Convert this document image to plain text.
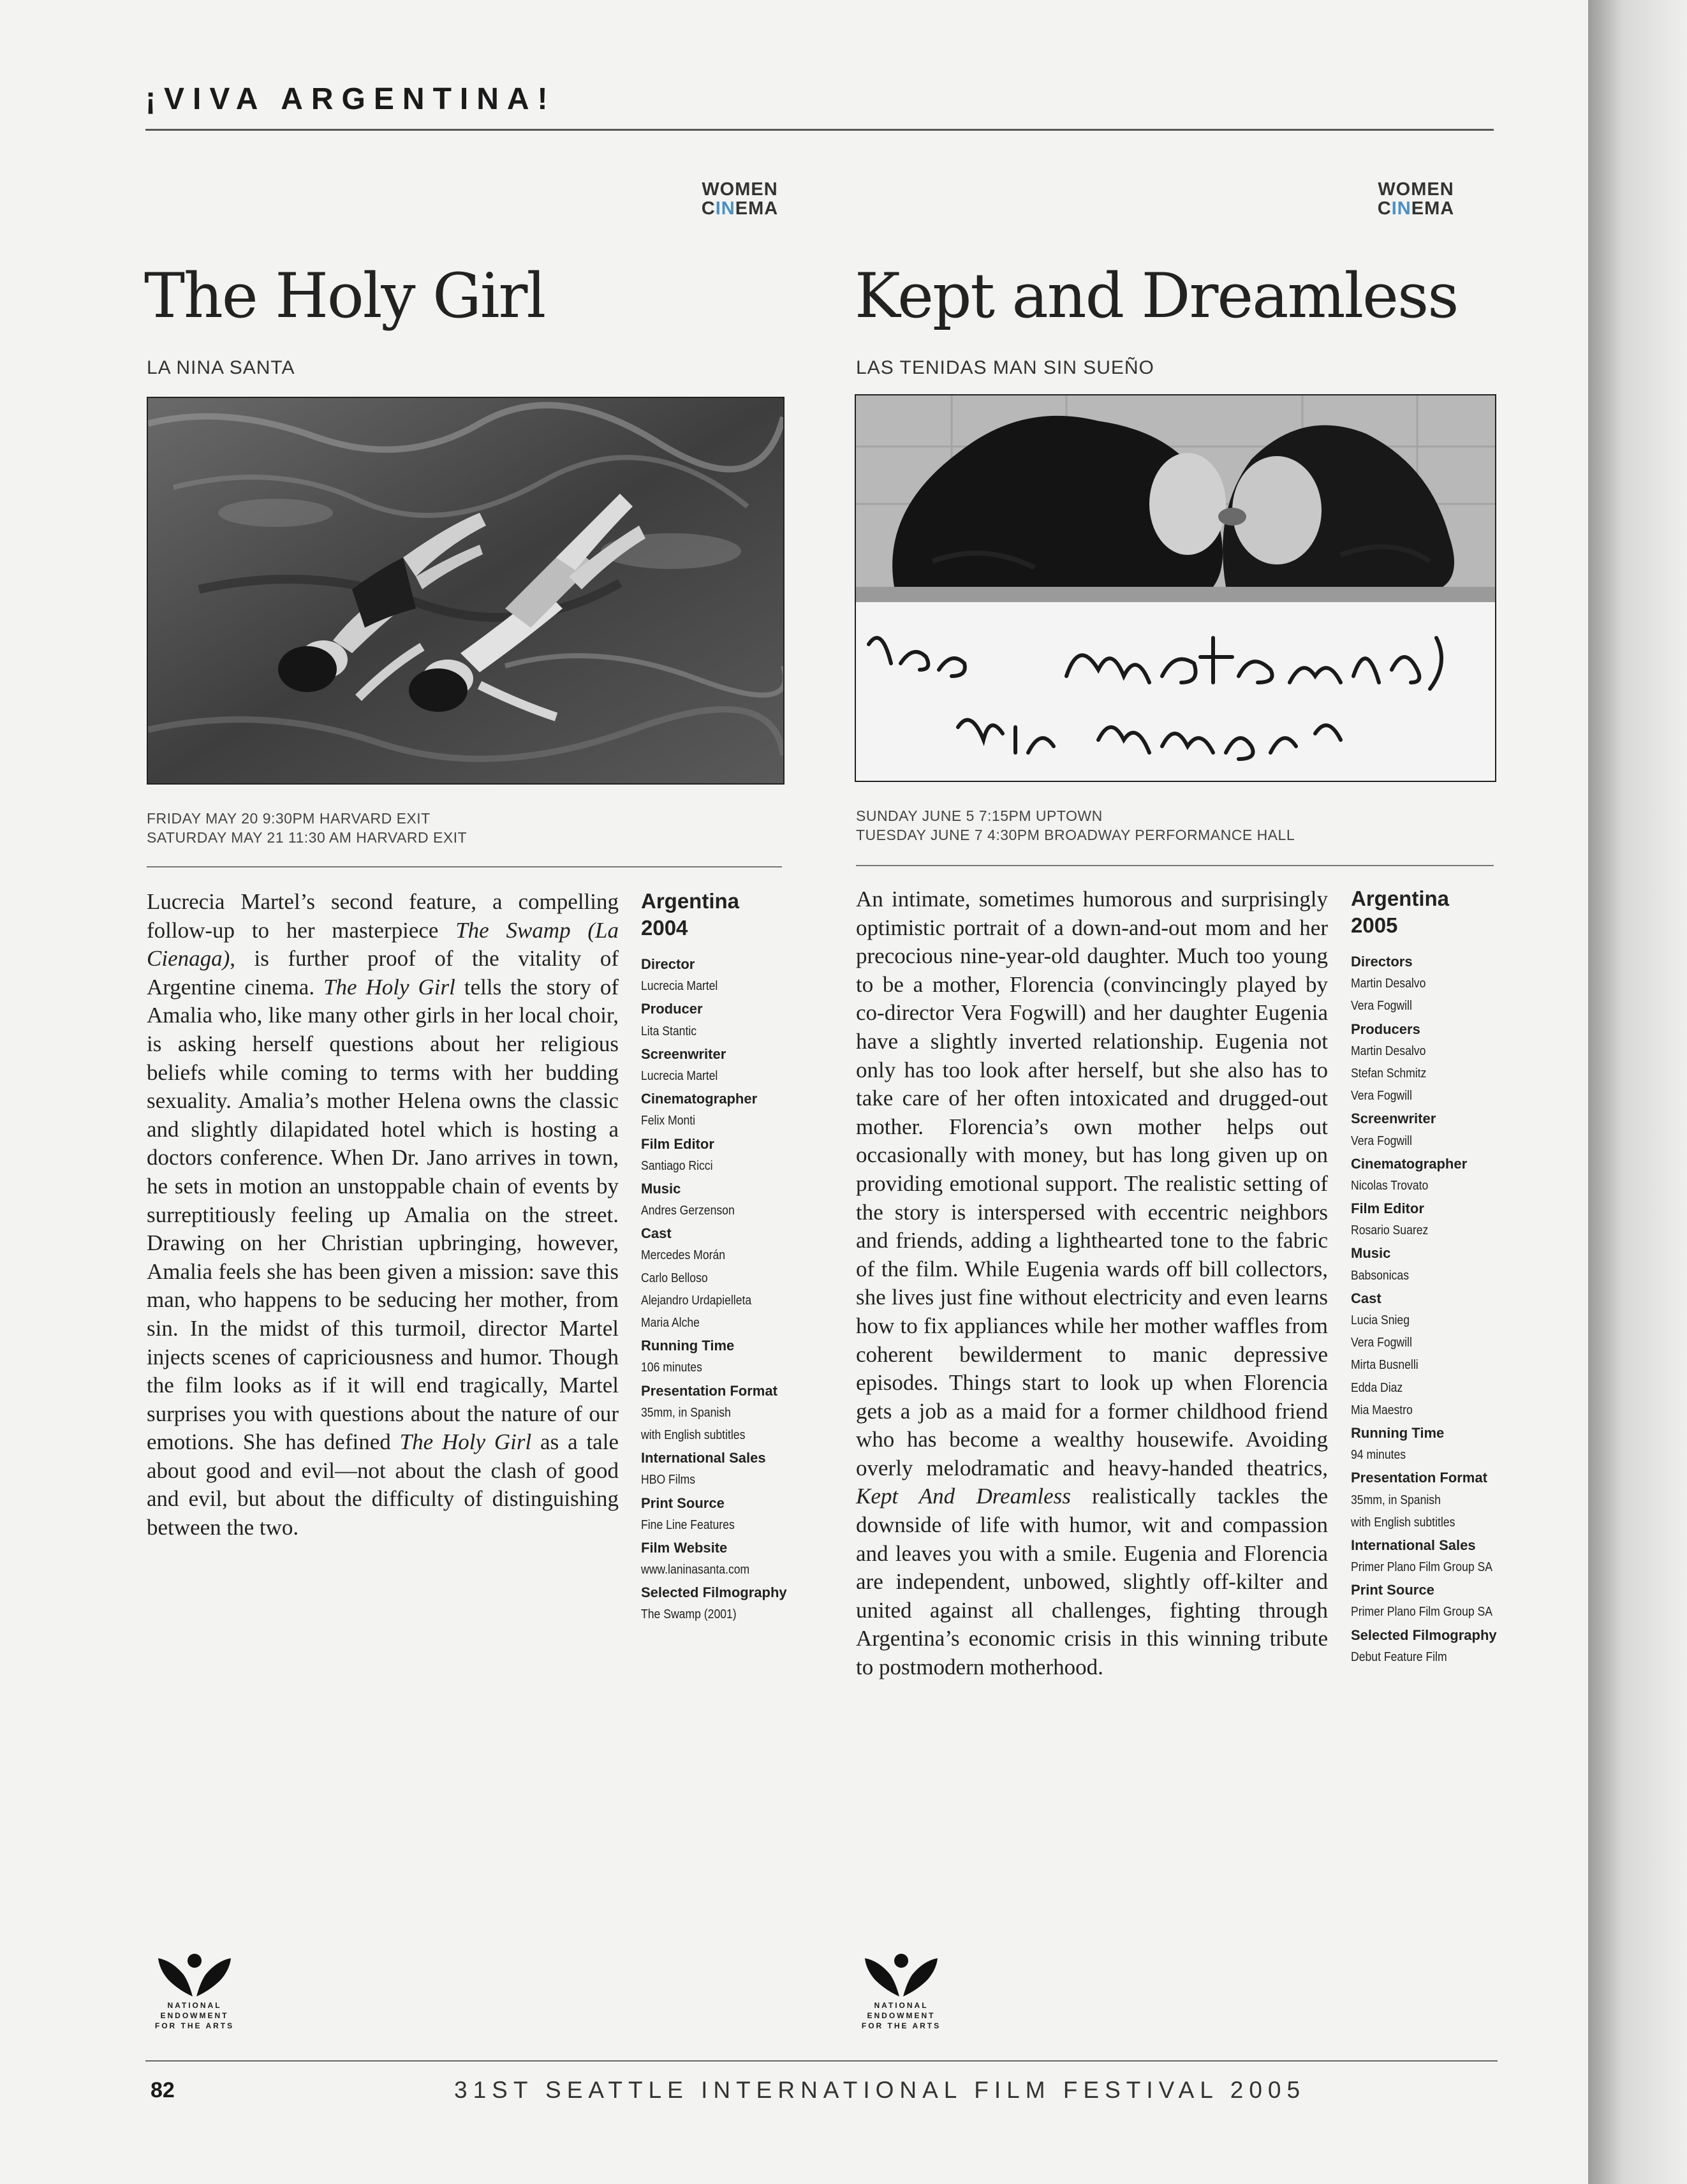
¡VIVA ARGENTINA!
WOMEN
CINEMA
WOMEN
CINEMA
The Holy Girl
LA NINA SANTA
Kept and Dreamless
LAS TENIDAS MAN SIN SUEÑO
FRIDAY MAY 20 9:30PM HARVARD EXIT
SATURDAY MAY 21 11:30 AM HARVARD EXIT
SUNDAY JUNE 5 7:15PM UPTOWN
TUESDAY JUNE 7 4:30PM BROADWAY PERFORMANCE HALL
Lucrecia Martel’s second feature, a compelling follow-up to her masterpiece The Swamp (La Cienaga), is further proof of the vitality of Argentine cinema. The Holy Girl tells the story of Amalia who, like many other girls in her local choir, is asking herself questions about her religious beliefs while coming to terms with her budding sexuality. Amalia’s mother Helena owns the classic and slightly dilapidated hotel which is hosting a doctors conference. When Dr. Jano arrives in town, he sets in motion an unstoppable chain of events by surreptitiously feeling up Amalia on the street. Drawing on her Christian upbringing, however, Amalia feels she has been given a mission: save this man, who happens to be seducing her mother, from sin. In the midst of this turmoil, director Martel injects scenes of capriciousness and humor. Though the film looks as if it will end tragically, Martel surprises you with questions about the nature of our emotions. She has defined The Holy Girl as a tale about good and evil—not about the clash of good and evil, but about the difficulty of distinguishing between the two.
An intimate, sometimes humorous and surprisingly optimistic portrait of a down-and-out mom and her precocious nine-year-old daughter. Much too young to be a mother, Florencia (convincingly played by co-director Vera Fogwill) and her daughter Eugenia have a slightly inverted relationship. Eugenia not only has too look after herself, but she also has to take care of her often intoxicated and drugged-out mother. Florencia’s own mother helps out occasionally with money, but has long given up on providing emotional support. The realistic setting of the story is interspersed with eccentric neighbors and friends, adding a lighthearted tone to the fabric of the film. While Eugenia wards off bill collectors, she lives just fine without electricity and even learns how to fix appliances while her mother waffles from coherent bewilderment to manic depressive episodes. Things start to look up when Florencia gets a job as a maid for a former childhood friend who has become a wealthy housewife. Avoiding overly melodramatic and heavy-handed theatrics, Kept And Dreamless realistically tackles the downside of life with humor, wit and compassion and leaves you with a smile. Eugenia and Florencia are independent, unbowed, slightly off-kilter and united against all challenges, fighting through Argentina’s economic crisis in this winning tribute to postmodern motherhood.
Argentina
2004
Director
Lucrecia Martel
Producer
Lita Stantic
Screenwriter
Lucrecia Martel
Cinematographer
Felix Monti
Film Editor
Santiago Ricci
Music
Andres Gerzenson
Cast
Mercedes Morán
Carlo Belloso
Alejandro Urdapielleta
Maria Alche
Running Time
106 minutes
Presentation Format
35mm, in Spanish
with English subtitles
International Sales
HBO Films
Print Source
Fine Line Features
Film Website
www.laninasanta.com
Selected Filmography
The Swamp (2001)
Argentina
2005
Directors
Martin Desalvo
Vera Fogwill
Producers
Martin Desalvo
Stefan Schmitz
Vera Fogwill
Screenwriter
Vera Fogwill
Cinematographer
Nicolas Trovato
Film Editor
Rosario Suarez
Music
Babsonicas
Cast
Lucia Snieg
Vera Fogwill
Mirta Busnelli
Edda Diaz
Mia Maestro
Running Time
94 minutes
Presentation Format
35mm, in Spanish
with English subtitles
International Sales
Primer Plano Film Group SA
Print Source
Primer Plano Film Group SA
Selected Filmography
Debut Feature Film
NATIONAL
ENDOWMENT
FOR THE ARTS
NATIONAL
ENDOWMENT
FOR THE ARTS
82	31ST SEATTLE INTERNATIONAL FILM FESTIVAL 2005
